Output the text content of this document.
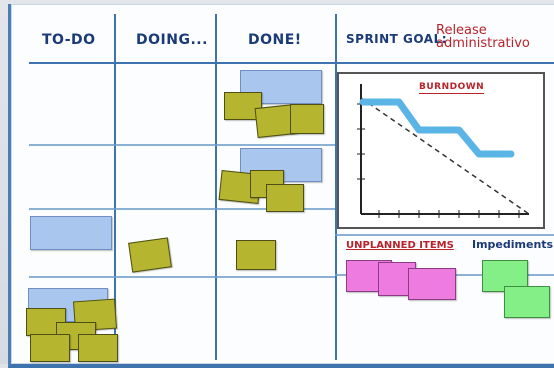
TO-DO	DOING...	DONE!	SPRINT GOAL:
Release
administrativo
BURNDOWN
UNPLANNED ITEMS Impediments
